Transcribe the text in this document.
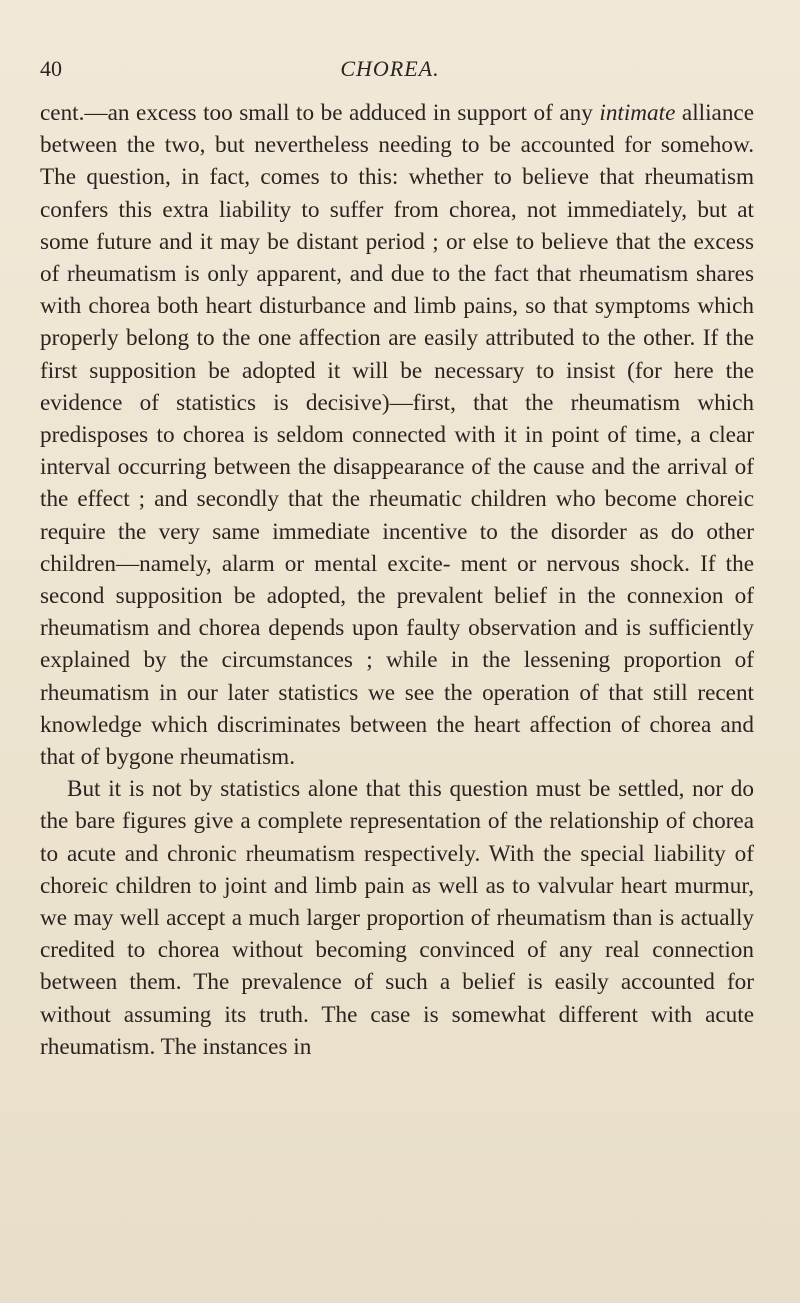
40	CHOREA.

cent.—an excess too small to be adduced in support of any intimate alliance between the two, but nevertheless needing to be accounted for somehow. The question, in fact, comes to this: whether to believe that rheumatism confers this extra liability to suffer from chorea, not immediately, but at some future and it may be distant period ; or else to believe that the excess of rheumatism is only apparent, and due to the fact that rheumatism shares with chorea both heart disturbance and limb pains, so that symptoms which properly belong to the one affection are easily attributed to the other. If the first supposition be adopted it will be necessary to insist (for here the evidence of statistics is decisive)—first, that the rheumatism which predisposes to chorea is seldom connected with it in point of time, a clear interval occurring between the disappearance of the cause and the arrival of the effect ; and secondly that the rheumatic children who become choreic require the very same immediate incentive to the disorder as do other children—namely, alarm or mental excite- ment or nervous shock. If the second supposition be adopted, the prevalent belief in the connexion of rheumatism and chorea depends upon faulty observation and is sufficiently explained by the circumstances ; while in the lessening proportion of rheumatism in our later statistics we see the operation of that still recent knowledge which discriminates between the heart affection of chorea and that of bygone rheumatism.

But it is not by statistics alone that this question must be settled, nor do the bare figures give a complete representation of the relationship of chorea to acute and chronic rheumatism respectively. With the special liability of choreic children to joint and limb pain as well as to valvular heart murmur, we may well accept a much larger proportion of rheumatism than is actually credited to chorea without becoming convinced of any real connection between them. The prevalence of such a belief is easily accounted for without assuming its truth. The case is somewhat different with acute rheumatism. The instances in
